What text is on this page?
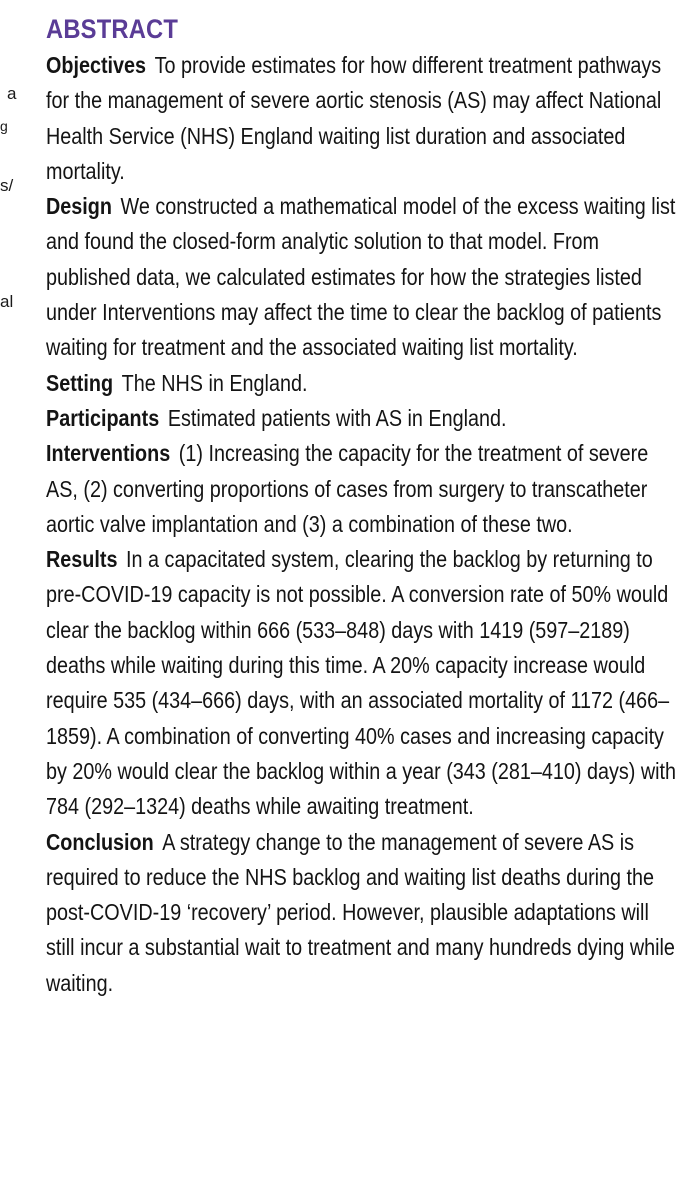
a
g
s/
al
ABSTRACT

Objectives To provide estimates for how different treatment pathways for the management of severe aortic stenosis (AS) may affect National Health Service (NHS) England waiting list duration and associated mortality.

Design We constructed a mathematical model of the excess waiting list and found the closed-form analytic solution to that model. From published data, we calculated estimates for how the strategies listed under Interventions may affect the time to clear the backlog of patients waiting for treatment and the associated waiting list mortality.

Setting The NHS in England.

Participants Estimated patients with AS in England.

Interventions (1) Increasing the capacity for the treatment of severe AS, (2) converting proportions of cases from surgery to transcatheter aortic valve implantation and (3) a combination of these two.

Results In a capacitated system, clearing the backlog by returning to pre-COVID-19 capacity is not possible. A conversion rate of 50% would clear the backlog within 666 (533–848) days with 1419 (597–2189) deaths while waiting during this time. A 20% capacity increase would require 535 (434–666) days, with an associated mortality of 1172 (466–1859). A combination of converting 40% cases and increasing capacity by 20% would clear the backlog within a year (343 (281–410) days) with 784 (292–1324) deaths while awaiting treatment.

Conclusion A strategy change to the management of severe AS is required to reduce the NHS backlog and waiting list deaths during the post-COVID-19 ‘recovery’ period. However, plausible adaptations will still incur a substantial wait to treatment and many hundreds dying while waiting.
